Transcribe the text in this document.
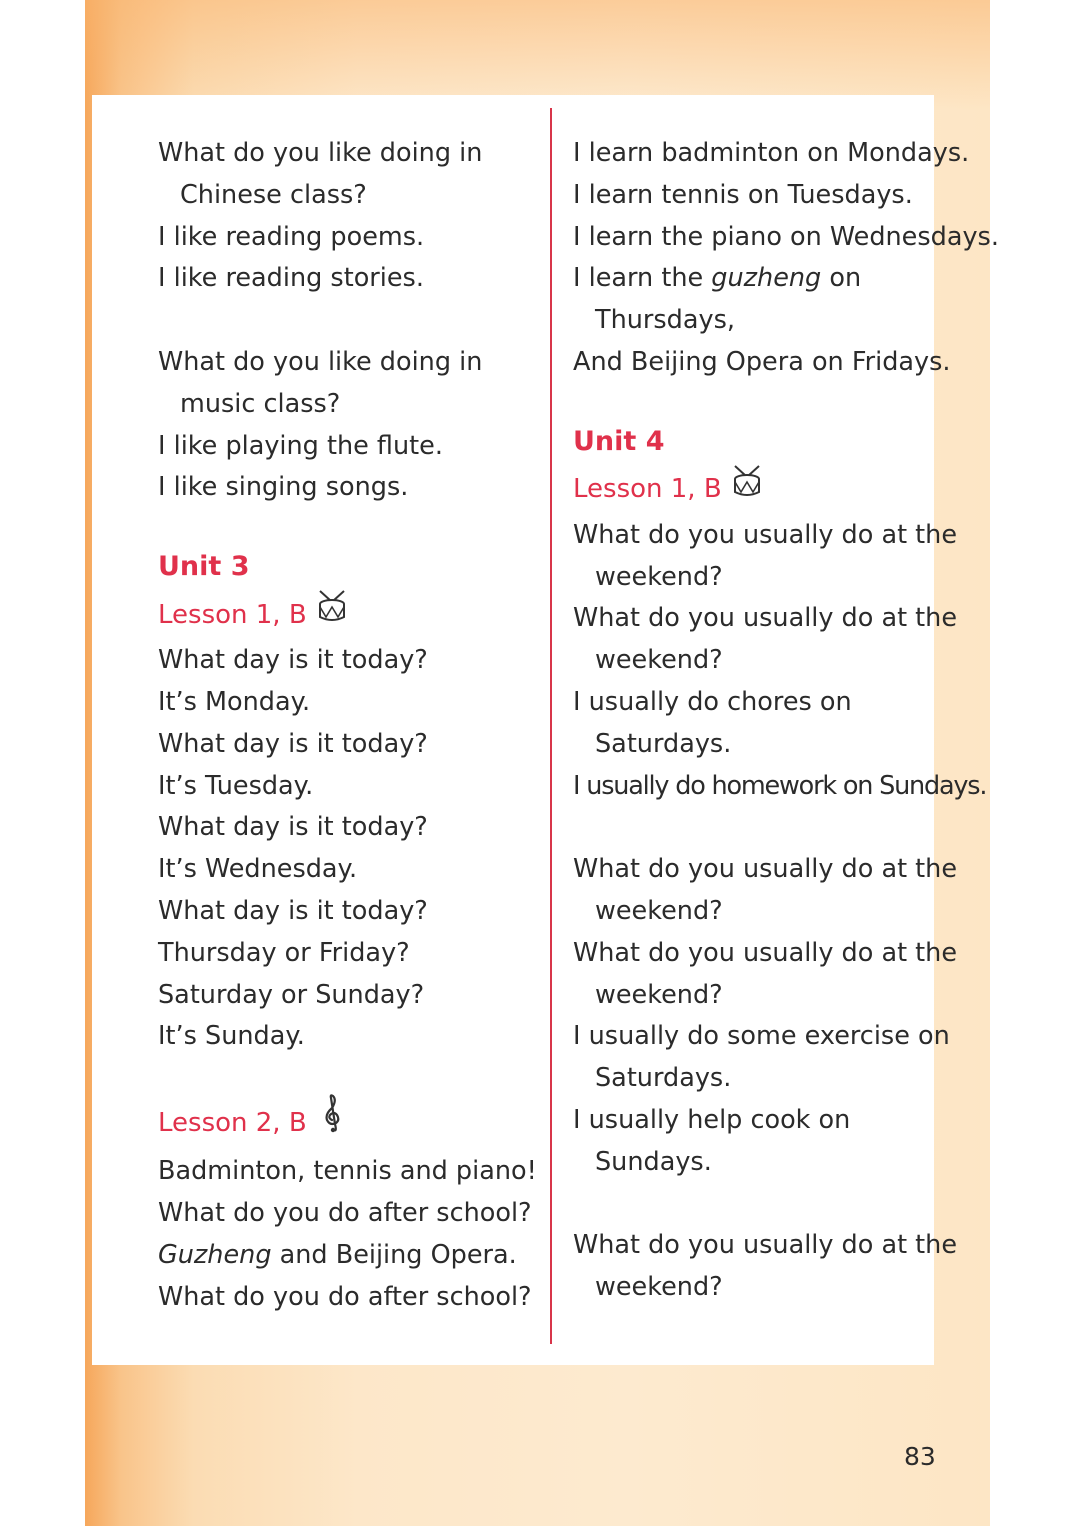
What do you like doing in
Chinese class?
I like reading poems.
I like reading stories.
What do you like doing in
music class?
I like playing the flute.
I like singing songs.
Unit 3
Lesson 1, B
What day is it today?
It’s Monday.
What day is it today?
It’s Tuesday.
What day is it today?
It’s Wednesday.
What day is it today?
Thursday or Friday?
Saturday or Sunday?
It’s Sunday.
Lesson 2, B
Badminton, tennis and piano!
What do you do after school?
Guzheng and Beijing Opera.
What do you do after school?
I learn badminton on Mondays.
I learn tennis on Tuesdays.
I learn the piano on Wednesdays.
I learn the guzheng on
Thursdays,
And Beijing Opera on Fridays.
Unit 4
Lesson 1, B
What do you usually do at the
weekend?
What do you usually do at the
weekend?
I usually do chores on
Saturdays.
I usually do homework on Sundays.
What do you usually do at the
weekend?
What do you usually do at the
weekend?
I usually do some exercise on
Saturdays.
I usually help cook on
Sundays.
What do you usually do at the
weekend?
83
